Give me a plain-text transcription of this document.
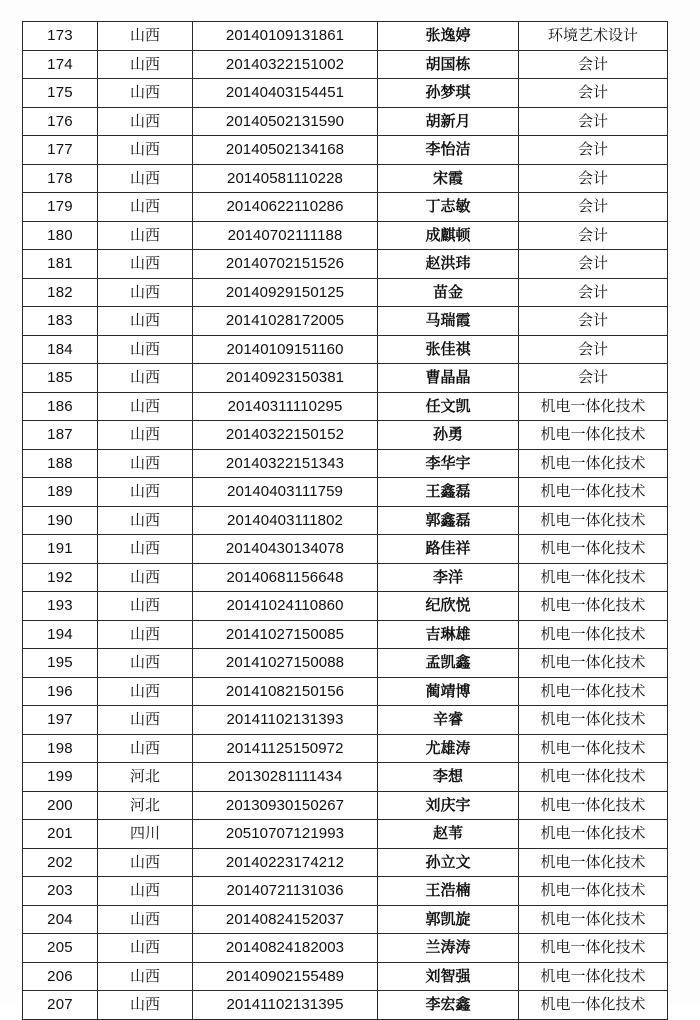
173	山西	20140109131861	张逸婷	环境艺术设计
174	山西	20140322151002	胡国栋	会计
175	山西	20140403154451	孙梦琪	会计
176	山西	20140502131590	胡新月	会计
177	山西	20140502134168	李怡洁	会计
178	山西	20140581110228	宋霞	会计
179	山西	20140622110286	丁志敏	会计
180	山西	20140702111188	成麒顿	会计
181	山西	20140702151526	赵洪玮	会计
182	山西	20140929150125	苗金	会计
183	山西	20141028172005	马瑞霞	会计
184	山西	20140109151160	张佳祺	会计
185	山西	20140923150381	曹晶晶	会计
186	山西	20140311110295	任文凯	机电一体化技术
187	山西	20140322150152	孙勇	机电一体化技术
188	山西	20140322151343	李华宇	机电一体化技术
189	山西	20140403111759	王鑫磊	机电一体化技术
190	山西	20140403111802	郭鑫磊	机电一体化技术
191	山西	20140430134078	路佳祥	机电一体化技术
192	山西	20140681156648	李洋	机电一体化技术
193	山西	20141024110860	纪欣悦	机电一体化技术
194	山西	20141027150085	吉琳雄	机电一体化技术
195	山西	20141027150088	孟凯鑫	机电一体化技术
196	山西	20141082150156	蔺靖博	机电一体化技术
197	山西	20141102131393	辛睿	机电一体化技术
198	山西	20141125150972	尤雄涛	机电一体化技术
199	河北	20130281111434	李想	机电一体化技术
200	河北	20130930150267	刘庆宇	机电一体化技术
201	四川	20510707121993	赵苇	机电一体化技术
202	山西	20140223174212	孙立文	机电一体化技术
203	山西	20140721131036	王浩楠	机电一体化技术
204	山西	20140824152037	郭凯旋	机电一体化技术
205	山西	20140824182003	兰涛涛	机电一体化技术
206	山西	20140902155489	刘智强	机电一体化技术
207	山西	20141102131395	李宏鑫	机电一体化技术
